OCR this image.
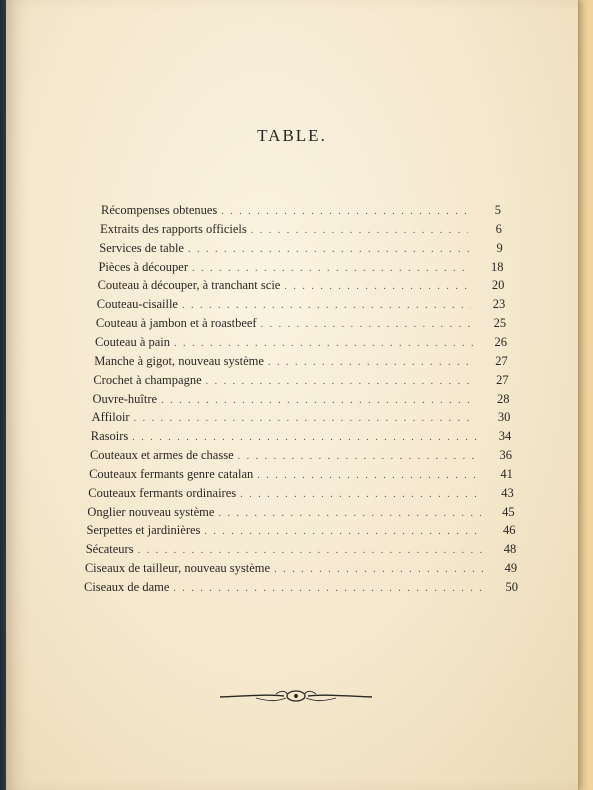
TABLE.
Récompenses obtenues . . .	5
Extraits des rapports officiels . . .	6
Services de table . . .	9
Pièces à découper . . .	18
Couteau à découper, à tranchant scie . . .	20
Couteau-cisaille . . .	23
Couteau à jambon et à roastbeef . . .	25
Couteau à pain . . .	26
Manche à gigot, nouveau système . . .	27
Crochet à champagne . . .	27
Ouvre-huître . . .	28
Affiloir . . .	30
Rasoirs . . .	34
Couteaux et armes de chasse . . .	36
Couteaux fermants genre catalan . . .	41
Couteaux fermants ordinaires . . .	43
Onglier nouveau système . . .	45
Serpettes et jardinières . . .	46
Sécateurs . . .	48
Ciseaux de tailleur, nouveau système . . .	49
Ciseaux de dame . . .	50
